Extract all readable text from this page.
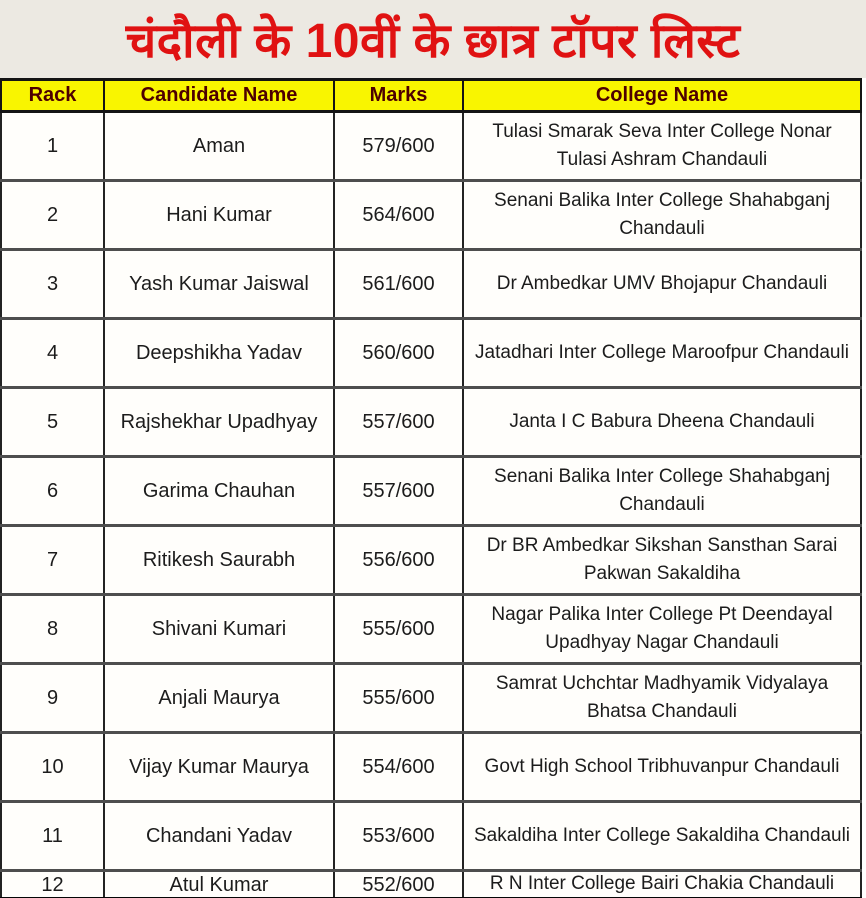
चंदौली के 10वीं के छात्र टॉपर लिस्ट
Rack	Candidate Name	Marks	College Name
1	Aman	579/600	Tulasi Smarak Seva Inter College Nonar Tulasi Ashram Chandauli
2	Hani Kumar	564/600	Senani Balika Inter College Shahabganj Chandauli
3	Yash Kumar Jaiswal	561/600	Dr Ambedkar UMV Bhojapur Chandauli
4	Deepshikha Yadav	560/600	Jatadhari Inter College Maroofpur Chandauli
5	Rajshekhar Upadhyay	557/600	Janta I C Babura Dheena Chandauli
6	Garima Chauhan	557/600	Senani Balika Inter College Shahabganj Chandauli
7	Ritikesh Saurabh	556/600	Dr BR Ambedkar Sikshan Sansthan Sarai Pakwan Sakaldiha
8	Shivani Kumari	555/600	Nagar Palika Inter College Pt Deendayal Upadhyay Nagar Chandauli
9	Anjali Maurya	555/600	Samrat Uchchtar Madhyamik Vidyalaya Bhatsa Chandauli
10	Vijay Kumar Maurya	554/600	Govt High School Tribhuvanpur Chandauli
11	Chandani Yadav	553/600	Sakaldiha Inter College Sakaldiha Chandauli
12	Atul Kumar	552/600	R N Inter College Bairi Chakia Chandauli
